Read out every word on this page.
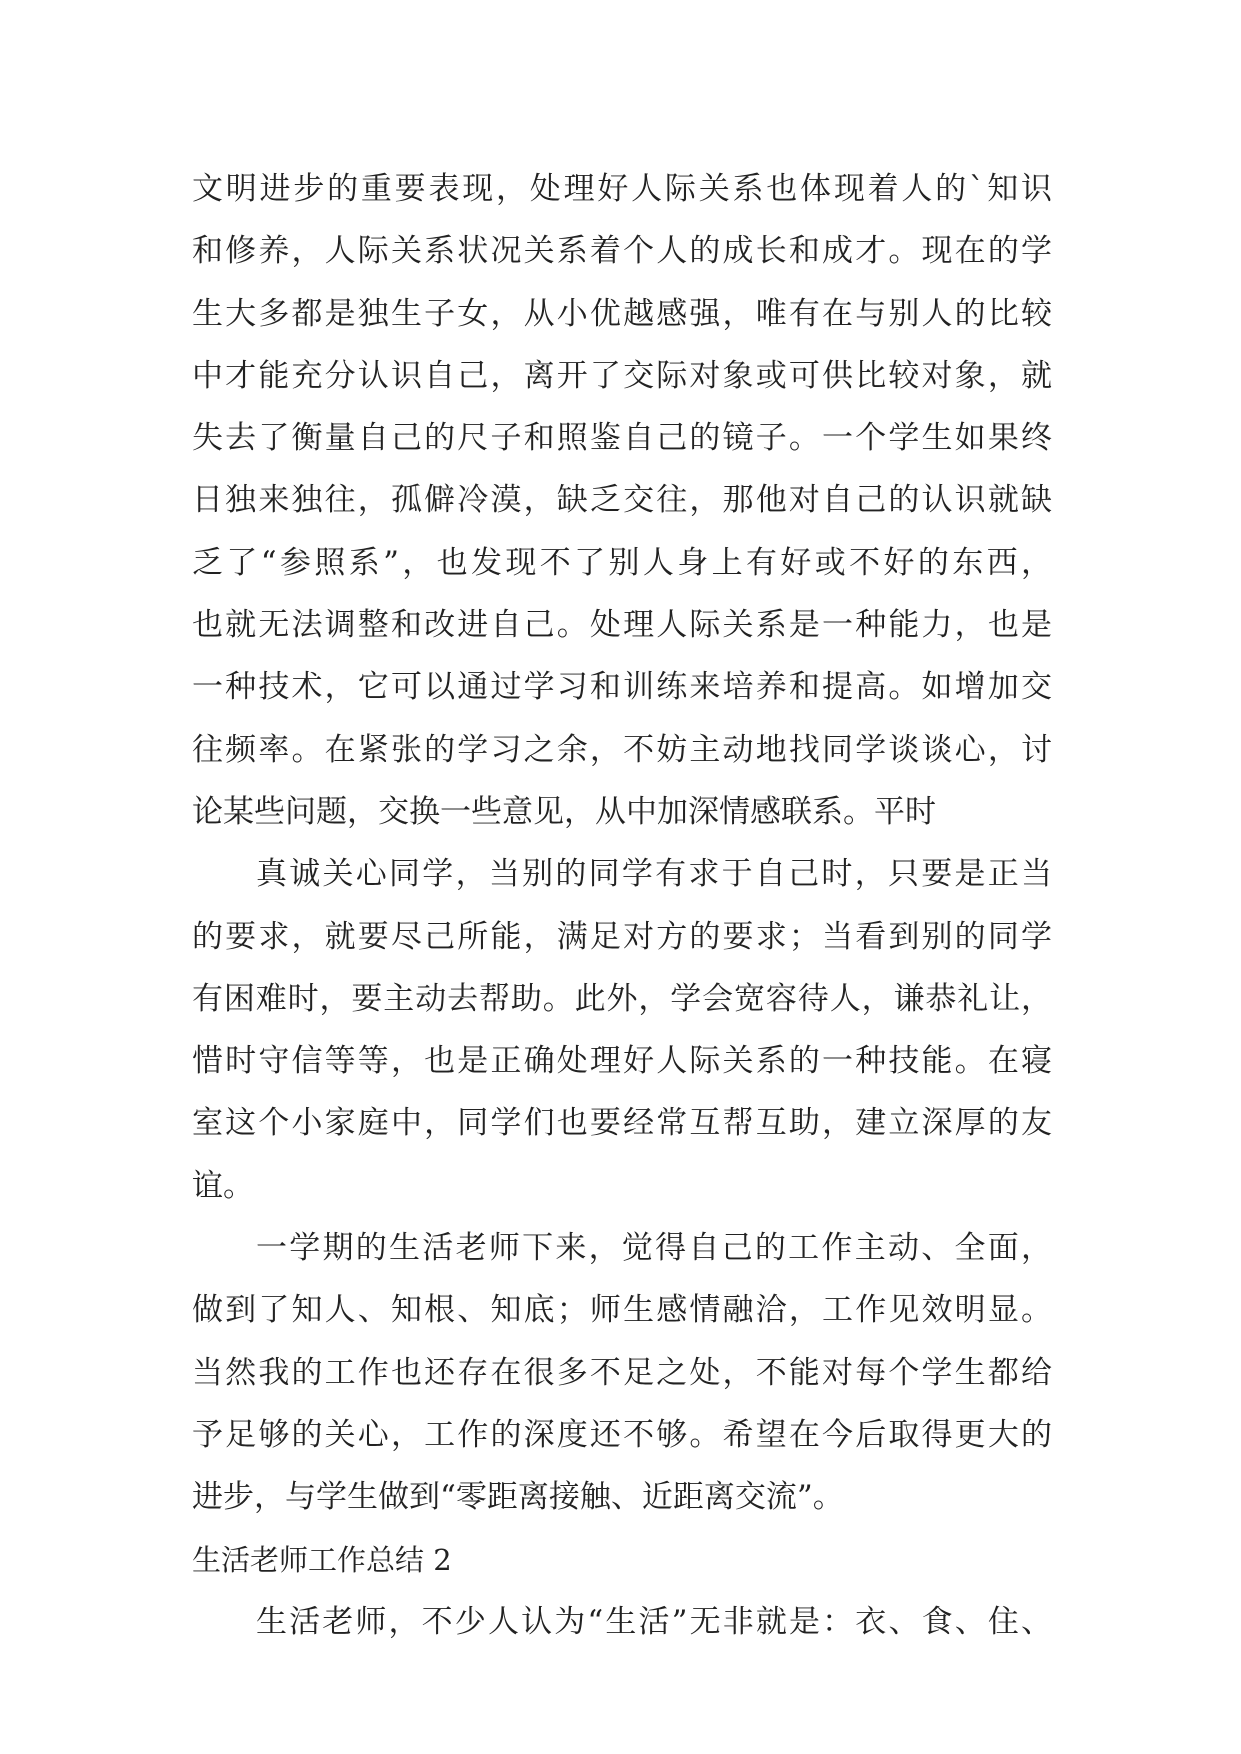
文明进步的重要表现，处理好人际关系也体现着人的`知识
和修养，人际关系状况关系着个人的成长和成才。现在的学
生大多都是独生子女，从小优越感强，唯有在与别人的比较
中才能充分认识自己，离开了交际对象或可供比较对象，就
失去了衡量自己的尺子和照鉴自己的镜子。一个学生如果终
日独来独往，孤僻冷漠，缺乏交往，那他对自己的认识就缺
乏了“参照系”，也发现不了别人身上有好或不好的东西，
也就无法调整和改进自己。处理人际关系是一种能力，也是
一种技术，它可以通过学习和训练来培养和提高。如增加交
往频率。在紧张的学习之余，不妨主动地找同学谈谈心，讨
论某些问题，交换一些意见，从中加深情感联系。平时
真诚关心同学，当别的同学有求于自己时，只要是正当
的要求，就要尽己所能，满足对方的要求；当看到别的同学
有困难时，要主动去帮助。此外，学会宽容待人，谦恭礼让，
惜时守信等等，也是正确处理好人际关系的一种技能。在寝
室这个小家庭中，同学们也要经常互帮互助，建立深厚的友
谊。
一学期的生活老师下来，觉得自己的工作主动、全面，
做到了知人、知根、知底；师生感情融洽，工作见效明显。
当然我的工作也还存在很多不足之处，不能对每个学生都给
予足够的关心，工作的深度还不够。希望在今后取得更大的
进步，与学生做到“零距离接触、近距离交流”。
生活老师工作总结 2
生活老师，不少人认为“生活”无非就是：衣、食、住、
